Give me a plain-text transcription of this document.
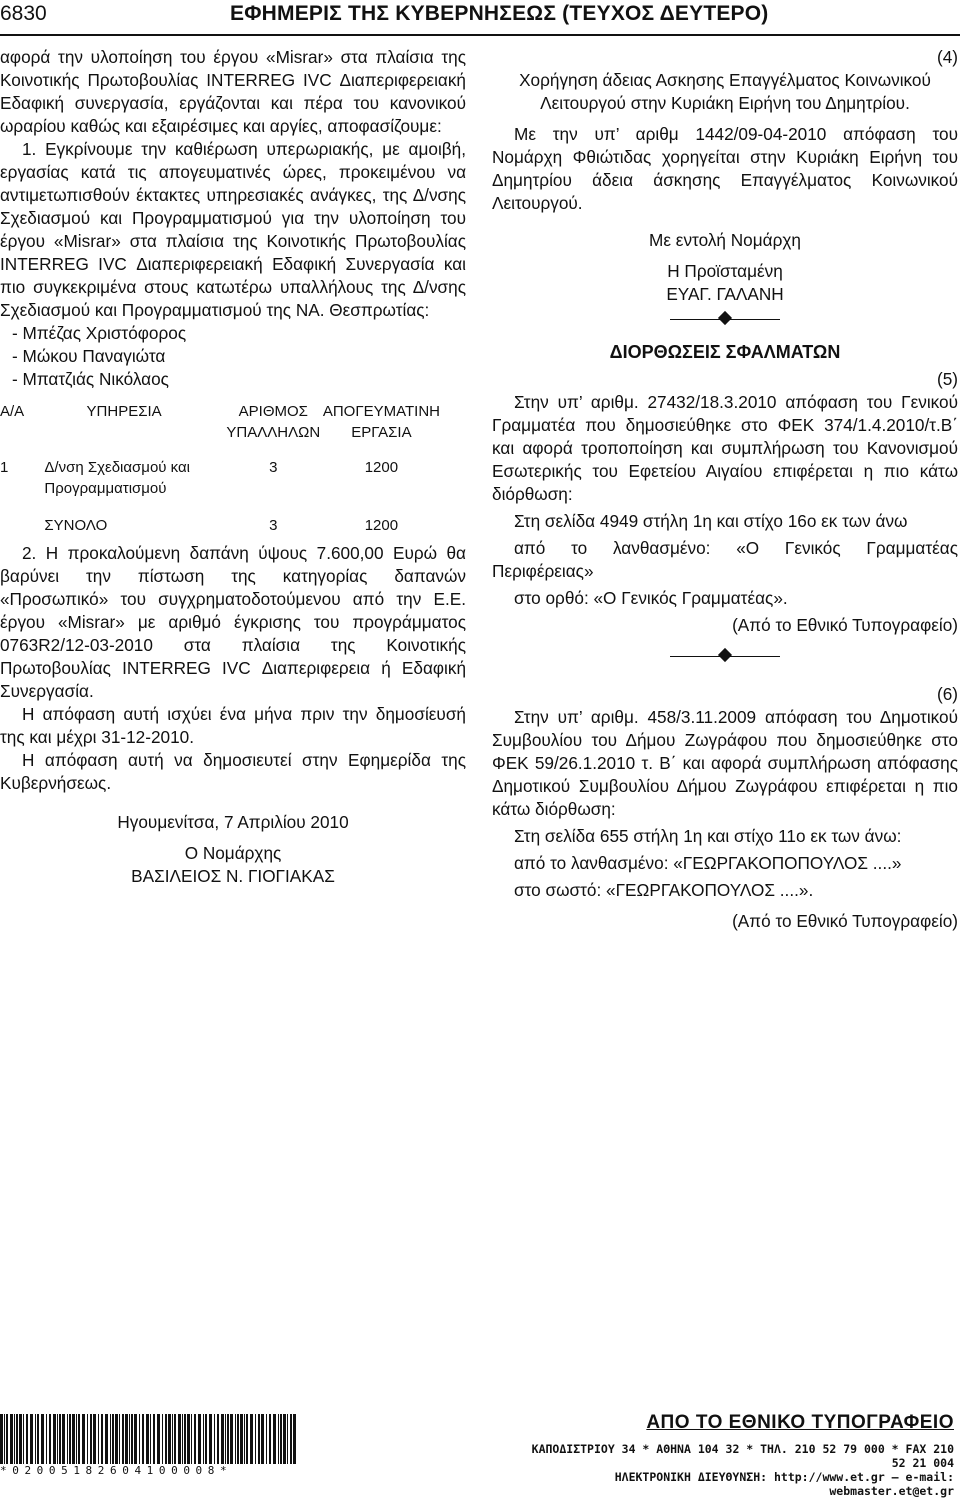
6830	ΕΦΗΜΕΡΙΣ ΤΗΣ ΚΥΒΕΡΝΗΣΕΩΣ (ΤΕΥΧΟΣ ΔΕΥΤΕΡΟ)

αφορά την υλοποίηση του έργου «Misrar» στα πλαίσια της Κοινοτικής Πρωτοβουλίας INTERREG IVC Διαπεριφερειακή Εδαφική συνεργασία, εργάζονται και πέρα του κανονικού ωραρίου καθώς και εξαιρέσιμες και αργίες, αποφασίζουμε:

1. Εγκρίνουμε την καθιέρωση υπερωριακής, με αμοιβή, εργασίας κατά τις απογευματινές ώρες, προκειμένου να αντιμετωπισθούν έκτακτες υπηρεσιακές ανάγκες, της Δ/νσης Σχεδιασμού και Προγραμματισμού για την υλοποίηση του έργου «Misrar» στα πλαίσια της Κοινοτικής Πρωτοβουλίας INTERREG IVC Διαπεριφερειακή Εδαφική Συνεργασία και πιο συγκεκριμένα στους κατωτέρω υπαλλήλους της Δ/νσης Σχεδιασμού και Προγραμματισμού της ΝΑ. Θεσπρωτίας:

- Μπέζας Χριστόφορος
- Μώκου Παναγιώτα
- Μπατζιάς Νικόλαος
Α/Α	ΥΠΗΡΕΣΙΑ	ΑΡΙΘΜΟΣ ΥΠΑΛΛΗΛΩΝ	ΑΠΟΓΕΥΜΑΤΙΝΗ ΕΡΓΑΣΙΑ
1	Δ/νση Σχεδιασμού και Προγραμματισμού	3	1200
	ΣΥΝΟΛΟ	3	1200

2. Η προκαλούμενη δαπάνη ύψους 7.600,00 Ευρώ θα βαρύνει την πίστωση της κατηγορίας δαπανών «Προσωπικό» του συγχρηματοδοτούμενου από την Ε.Ε. έργου «Misrar» με αριθμό έγκρισης του προγράμματος 0763R2/12-03-2010 στα πλαίσια της Κοινοτικής Πρωτοβουλίας INTERREG IVC Διαπεριφερεια ή Εδαφική Συνεργασία.

Η απόφαση αυτή ισχύει ένα μήνα πριν την δημοσίευσή της και μέχρι 31-12-2010.

Η απόφαση αυτή να δημοσιευτεί στην Εφημερίδα της Κυβερνήσεως.

Ηγουμενίτσα, 7 Απριλίου 2010

Ο Νομάρχης

ΒΑΣΙΛΕΙΟΣ Ν. ΓΙΟΓΙΑΚΑΣ

(4)

Χορήγηση άδειας Ασκησης Επαγγέλματος Κοινωνικού Λειτουργού στην Κυριάκη Ειρήνη του Δημητρίου.

Με την υπ’ αριθμ 1442/09-04-2010 απόφαση του Νομάρχη Φθιώτιδας χορηγείται στην Κυριάκη Ειρήνη του Δημητρίου άδεια άσκησης Επαγγέλματος Κοινωνικού Λειτουργού.

Με εντολή Νομάρχη

Η Προϊσταμένη

ΕΥΑΓ. ΓΑΛΑΝΗ

ΔΙΟΡΘΩΣΕΙΣ ΣΦΑΛΜΑΤΩΝ

(5)

Στην υπ’ αριθμ. 27432/18.3.2010 απόφαση του Γενικού Γραμματέα που δημοσιεύθηκε στο ΦΕΚ 374/1.4.2010/τ.Β΄ και αφορά τροποποίηση και συμπλήρωση του Κανονισμού Εσωτερικής του Εφετείου Αιγαίου επιφέρεται η πιο κάτω διόρθωση:

Στη σελίδα 4949 στήλη 1η και στίχο 16ο εκ των άνω

από το λανθασμένο: «Ο Γενικός Γραμματέας Περιφέρειας»

στο ορθό: «Ο Γενικός Γραμματέας».

(Από το Εθνικό Τυπογραφείο)

(6)

Στην υπ’ αριθμ. 458/3.11.2009 απόφαση του Δημοτικού Συμβουλίου του Δήμου Ζωγράφου που δημοσιεύθηκε στο ΦΕΚ 59/26.1.2010 τ. Β΄ και αφορά συμπλήρωση απόφασης Δημοτικού Συμβουλίου Δήμου Ζωγράφου επιφέρεται η πιο κάτω διόρθωση:

Στη σελίδα 655 στήλη 1η και στίχο 11ο εκ των άνω:

από το λανθασμένο: «ΓΕΩΡΓΑΚΟΠΟΠΟΥΛΟΣ ....»

στο σωστό: «ΓΕΩΡΓΑΚΟΠΟΥΛΟΣ ....».

(Από το Εθνικό Τυπογραφείο)

*02005182604100008*
ΑΠΟ ΤΟ ΕΘΝΙΚΟ ΤΥΠΟΓΡΑΦΕΙΟ
ΚΑΠΟΔΙΣΤΡΙΟΥ 34 * ΑΘΗΝΑ 104 32 * ΤΗΛ. 210 52 79 000 * FAX 210 52 21 004
ΗΛΕΚΤΡΟΝΙΚΗ ΔΙΕΥΘΥΝΣΗ: http://www.et.gr — e-mail: webmaster.et@et.gr
